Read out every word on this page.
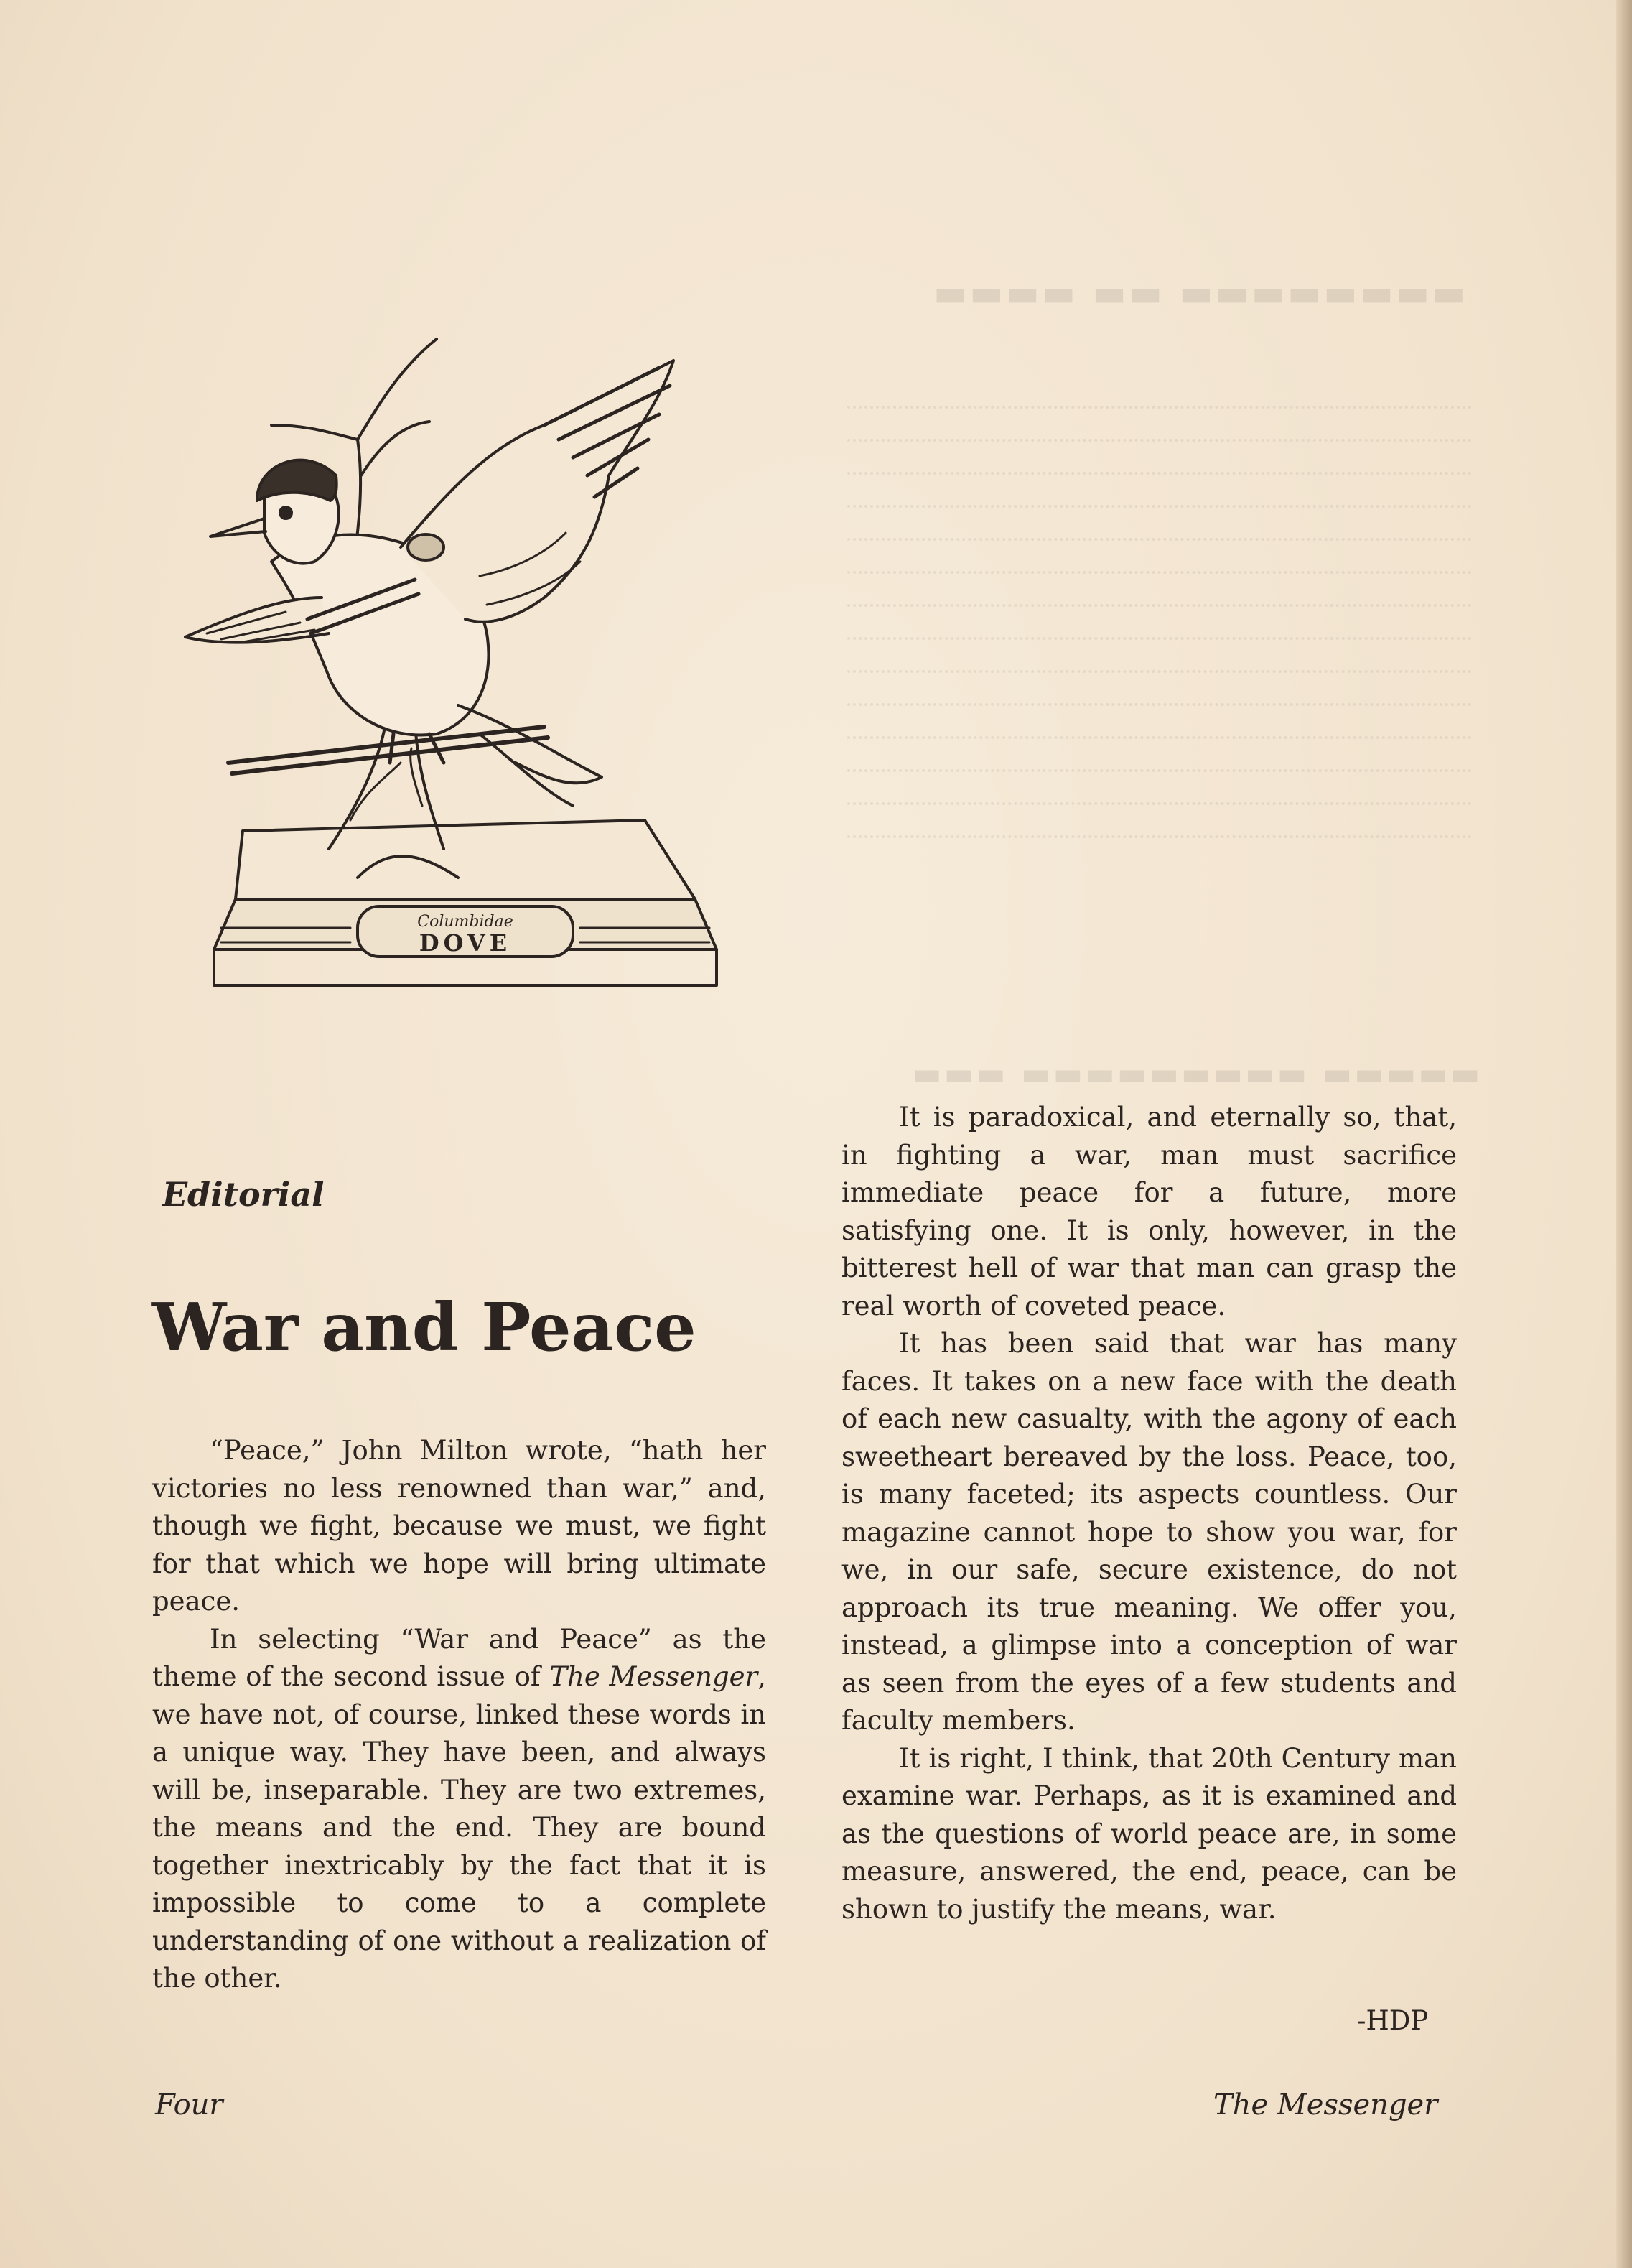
▬▬▬▬ ▬▬ ▬▬▬▬▬▬▬▬
▬▬▬ ▬▬▬▬▬▬▬▬▬ ▬▬▬▬▬
Columbidae
DOVE
Editorial
War and Peace

“Peace,” John Milton wrote, “hath her victories no less renowned than war,” and, though we fight, because we must, we fight for that which we hope will bring ultimate peace.

In selecting “War and Peace” as the theme of the second issue of The Messenger, we have not, of course, linked these words in a unique way. They have been, and always will be, inseparable. They are two extremes, the means and the end. They are bound together inextricably by the fact that it is impossible to come to a complete understanding of one without a realization of the other.

It is paradoxical, and eternally so, that, in fighting a war, man must sacrifice immediate peace for a future, more satisfying one. It is only, however, in the bitterest hell of war that man can grasp the real worth of coveted peace.

It has been said that war has many faces. It takes on a new face with the death of each new casualty, with the agony of each sweetheart bereaved by the loss. Peace, too, is many faceted; its aspects countless. Our magazine cannot hope to show you war, for we, in our safe, secure existence, do not approach its true meaning. We offer you, instead, a glimpse into a conception of war as seen from the eyes of a few students and faculty members.

It is right, I think, that 20th Century man examine war. Perhaps, as it is examined and as the questions of world peace are, in some measure, answered, the end, peace, can be shown to justify the means, war.

-HDP
Four	The Messenger
